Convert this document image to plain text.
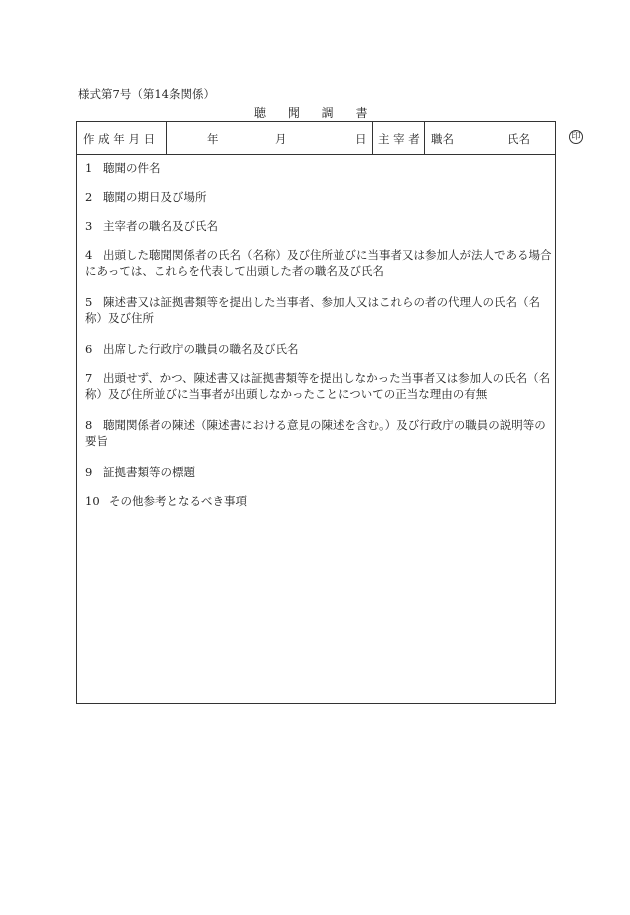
様式第7号（第14条関係）
聴 聞 調 書
作 成 年 月 日	年	月	日 主 宰 者 職名	氏名	印
1 聴聞の件名
2 聴聞の期日及び場所
3 主宰者の職名及び氏名
4 出頭した聴聞関係者の氏名（名称）及び住所並びに当事者又は参加人が法人である場合
にあっては、これらを代表して出頭した者の職名及び氏名
5 陳述書又は証拠書類等を提出した当事者、参加人又はこれらの者の代理人の氏名（名
称）及び住所
6 出席した行政庁の職員の職名及び氏名
7 出頭せず、かつ、陳述書又は証拠書類等を提出しなかった当事者又は参加人の氏名（名
称）及び住所並びに当事者が出頭しなかったことについての正当な理由の有無
8 聴聞関係者の陳述（陳述書における意見の陳述を含む。）及び行政庁の職員の説明等の
要旨
9 証拠書類等の標題
10 その他参考となるべき事項
